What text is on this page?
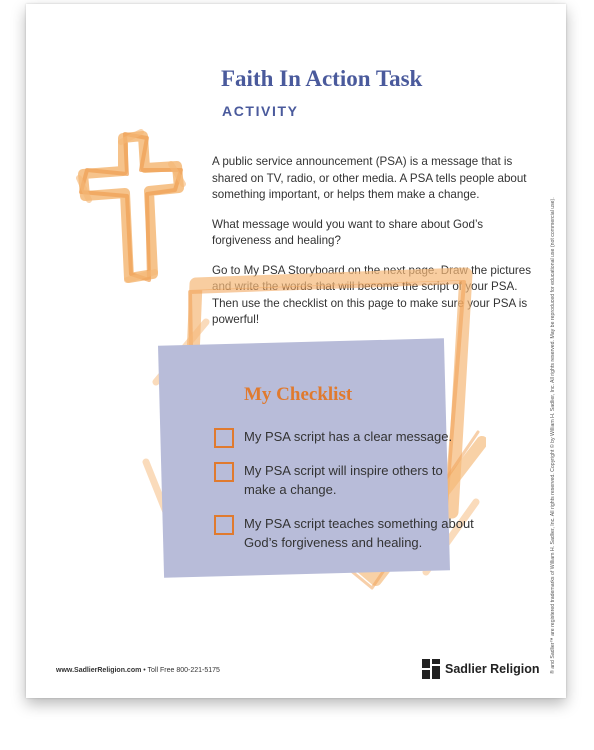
Faith In Action Task
ACTIVITY

A public service announcement (PSA) is a message that is shared on TV, radio, or other media. A PSA tells people about something important, or helps them make a change.

What message would you want to share about God’s forgiveness and healing?

Go to My PSA Storyboard on the next page. Draw the pictures and write the words that will become the script of your PSA. Then use the checklist on this page to make sure your PSA is powerful!

My Checklist
My PSA script has a clear message.
My PSA script will inspire others to make a change.
My PSA script teaches something about God’s forgiveness and healing.
www.SadlierReligion.com • Toll Free 800-221-5175	Sadlier Religion ® and Sadlier™ are registered trademarks of William H. Sadlier, Inc. All rights reserved. Copyright © by William H. Sadlier, Inc. All rights reserved. May be reproduced for educational use (not commercial use).
